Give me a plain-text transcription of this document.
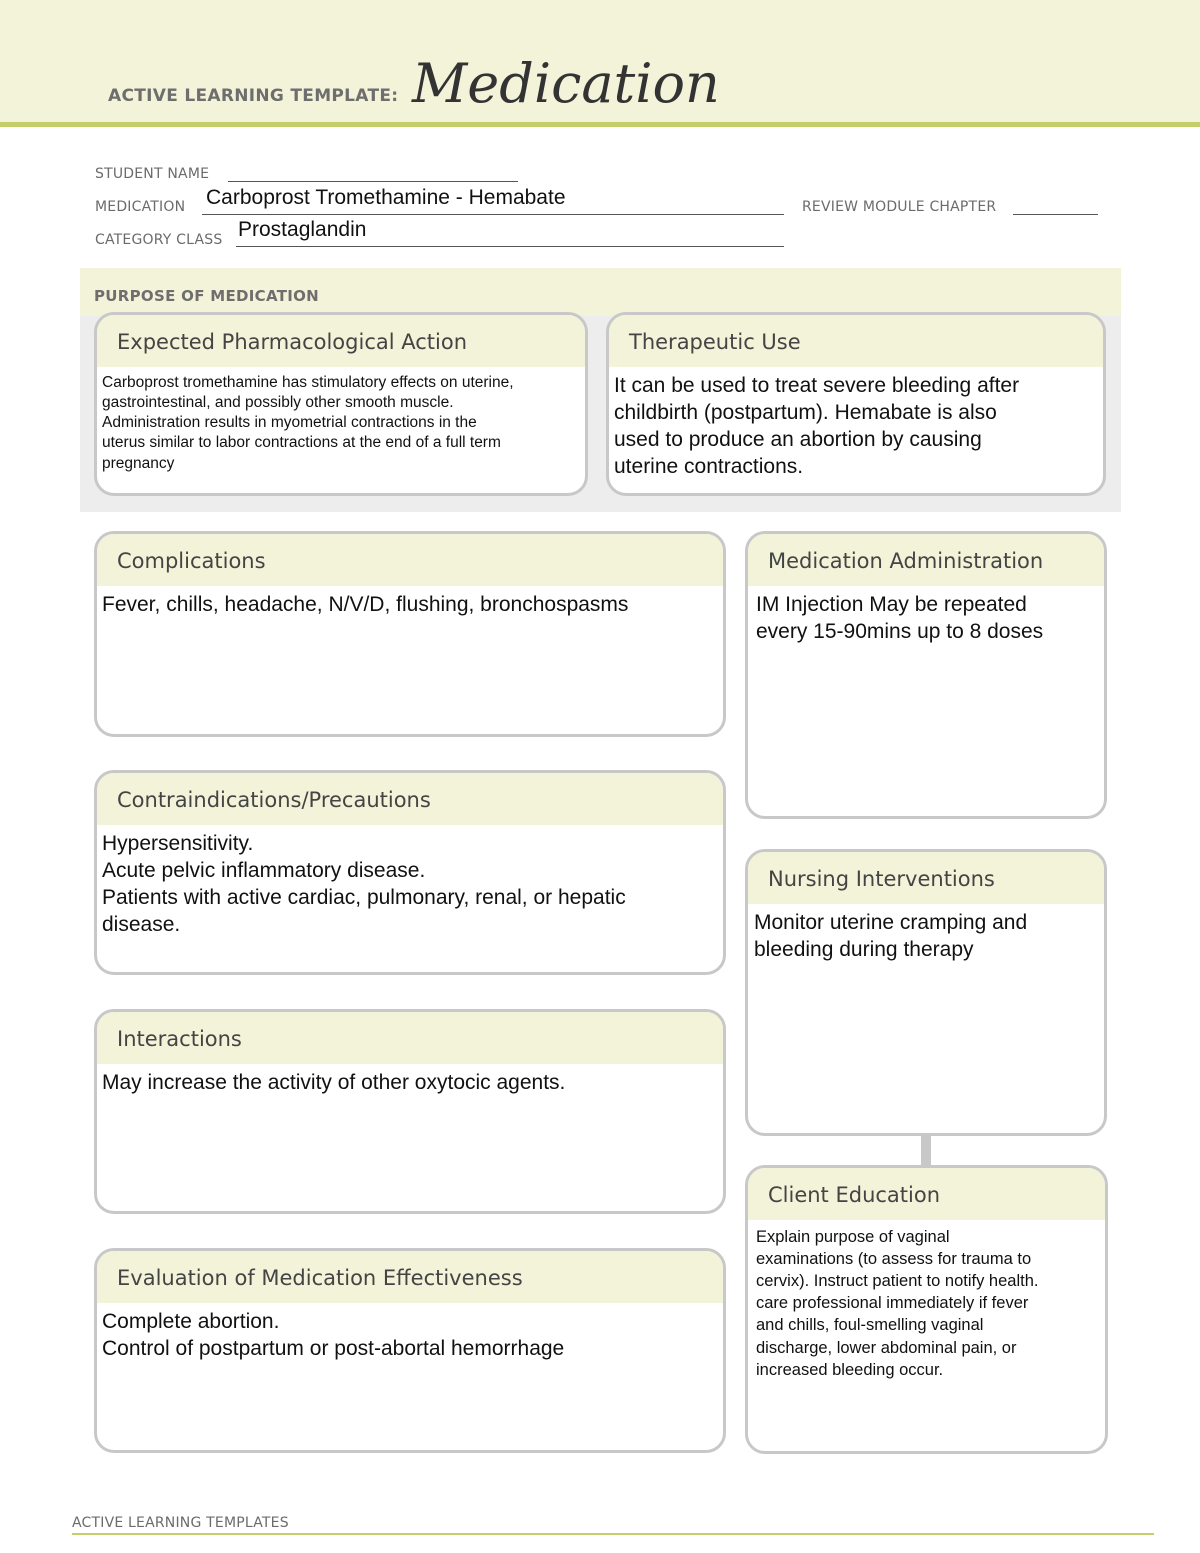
ACTIVE LEARNING TEMPLATE: Medication
STUDENT NAME
MEDICATION Carboprost Tromethamine - Hemabate	REVIEW MODULE CHAPTER
CATEGORY CLASS Prostaglandin
PURPOSE OF MEDICATION
Expected Pharmacological Action
Carboprost tromethamine has stimulatory effects on uterine,
gastrointestinal, and possibly other smooth muscle.
Administration results in myometrial contractions in the
uterus similar to labor contractions at the end of a full term
pregnancy
Therapeutic Use
It can be used to treat severe bleeding after
childbirth (postpartum). Hemabate is also
used to produce an abortion by causing
uterine contractions.
Complications
Fever, chills, headache, N/V/D, flushing, bronchospasms
Contraindications/Precautions
Hypersensitivity.
Acute pelvic inflammatory disease.
Patients with active cardiac, pulmonary, renal, or hepatic
disease.
Interactions
May increase the activity of other oxytocic agents.
Evaluation of Medication Effectiveness
Complete abortion.
Control of postpartum or post-abortal hemorrhage
Medication Administration
IM Injection May be repeated
every 15-90mins up to 8 doses
Nursing Interventions
Monitor uterine cramping and
bleeding during therapy
Client Education
Explain purpose of vaginal
examinations (to assess for trauma to
cervix). Instruct patient to notify health.
care professional immediately if fever
and chills, foul-smelling vaginal
discharge, lower abdominal pain, or
increased bleeding occur.
ACTIVE LEARNING TEMPLATES
